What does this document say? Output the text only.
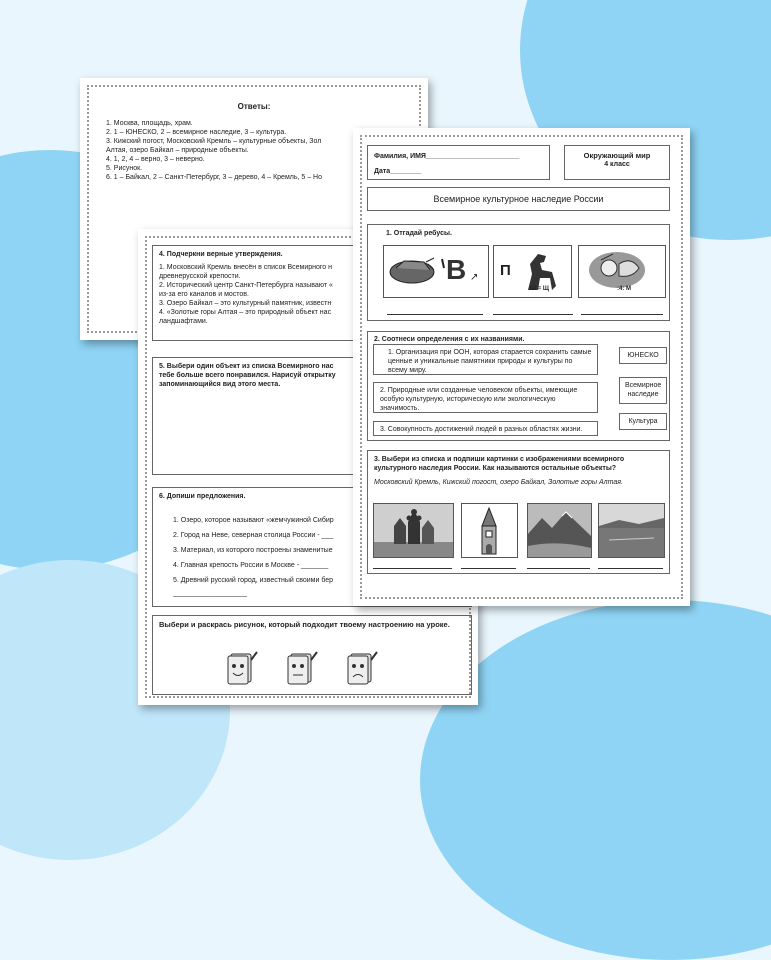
Ответы:
1. Москва, площадь, храм.
2. 1 – ЮНЕСКО, 2 – всемирное наследие, 3 – культура.
3. Кижский погост, Московский Кремль – культурные объекты, Зол
Алтая, озеро Байкал – природные объекты.
4. 1, 2, 4 – верно, 3 – неверно.
5. Рисунок.
6. 1 – Байкал, 2 – Санкт-Петербург, 3 – дерево, 4 – Кремль, 5 – Но
4. Подчеркни верные утверждения.
1. Московский Кремль внесён в список Всемирного н
древнерусской крепости.
2. Исторический центр Санкт-Петербурга называют «
из-за его каналов и мостов.
3. Озеро Байкал – это культурный памятник, известн
4. «Золотые горы Алтая – это природный объект нас
ландшафтами.
5. Выбери один объект из списка Всемирного нас
тебе больше всего понравился. Нарисуй открытку
запоминающийся вид этого места.
6. Допиши предложения.
1. Озеро, которое называют «жемчужиной Сибир
2. Город на Неве, северная столица России - ___
3. Материал, из которого построены знаменитые
4. Главная крепость России в Москве - _______
5. Древний русский город, известный своими бер
___________________
Выбери и раскрась рисунок, который подходит твоему настроению на уроке.
Фамилия, ИМЯ________________________
Дата________
Окружающий мир
4 класс
Всемирное культурное наследие России
1. Отгадай ребусы.
В ↗ П
Ш = Щ	:4: М
2. Соотнеси определения с их названиями.
1. Организация при ООН, которая старается сохранить самые ценные и уникальные памятники природы и культуры по всему миру.
2. Природные или созданные человеком объекты, имеющие особую культурную, историческую или экологическую значимость.
3. Совокупность достижений людей в разных областях жизни.
ЮНЕСКО
Всемирное наследие
Культура
3. Выбери из списка и подпиши картинки с изображениями всемирного культурного наследия России. Как называются остальные объекты?
Московский Кремль, Кижский погост, озеро Байкал, Золотые горы Алтая.
